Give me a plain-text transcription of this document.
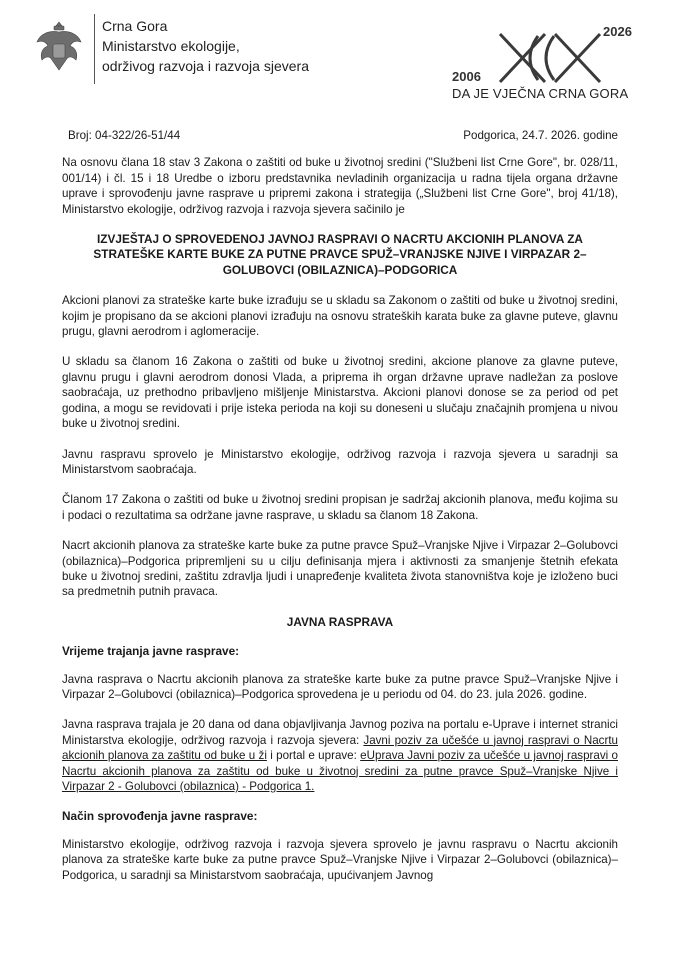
Crna Gora
Ministarstvo ekologije,
održivog razvoja i razvoja sjevera
2026
2006
DA JE VJEČNA CRNA GORA
Broj: 04-322/26-51/44	Podgorica, 24.7. 2026. godine

Na osnovu člana 18 stav 3 Zakona o zaštiti od buke u životnoj sredini ("Službeni list Crne Gore", br. 028/11, 001/14) i čl. 15 i 18 Uredbe o izboru predstavnika nevladinih organizacija u radna tijela organa državne uprave i sprovođenju javne rasprave u pripremi zakona i strategija („Službeni list Crne Gore", broj 41/18), Ministarstvo ekologije, održivog razvoja i razvoja sjevera sačinilo je

IZVJEŠTAJ O SPROVEDENOJ JAVNOJ RASPRAVI O NACRTU AKCIONIH PLANOVA ZA STRATEŠKE KARTE BUKE ZA PUTNE PRAVCE SPUŽ–VRANJSKE NJIVE I VIRPAZAR 2–GOLUBOVCI (OBILAZNICA)–PODGORICA

Akcioni planovi za strateške karte buke izrađuju se u skladu sa Zakonom o zaštiti od buke u životnoj sredini, kojim je propisano da se akcioni planovi izrađuju na osnovu strateških karata buke za glavne puteve, glavnu prugu, glavni aerodrom i aglomeracije.

U skladu sa članom 16 Zakona o zaštiti od buke u životnoj sredini, akcione planove za glavne puteve, glavnu prugu i glavni aerodrom donosi Vlada, a priprema ih organ državne uprave nadležan za poslove saobraćaja, uz prethodno pribavljeno mišljenje Ministarstva. Akcioni planovi donose se za period od pet godina, a mogu se revidovati i prije isteka perioda na koji su doneseni u slučaju značajnih promjena u nivou buke u životnoj sredini.

Javnu raspravu sprovelo je Ministarstvo ekologije, održivog razvoja i razvoja sjevera u saradnji sa Ministarstvom saobraćaja.

Članom 17 Zakona o zaštiti od buke u životnoj sredini propisan je sadržaj akcionih planova, među kojima su i podaci o rezultatima sa održane javne rasprave, u skladu sa članom 18 Zakona.

Nacrt akcionih planova za strateške karte buke za putne pravce Spuž–Vranjske Njive i Virpazar 2–Golubovci (obilaznica)–Podgorica pripremljeni su u cilju definisanja mjera i aktivnosti za smanjenje štetnih efekata buke u životnoj sredini, zaštitu zdravlja ljudi i unapređenje kvaliteta života stanovništva koje je izloženo buci sa predmetnih putnih pravaca.

JAVNA RASPRAVA
Vrijeme trajanja javne rasprave:

Javna rasprava o Nacrtu akcionih planova za strateške karte buke za putne pravce Spuž–Vranjske Njive i Virpazar 2–Golubovci (obilaznica)–Podgorica sprovedena je u periodu od 04. do 23. jula 2026. godine.

Javna rasprava trajala je 20 dana od dana objavljivanja Javnog poziva na portalu e-Uprave i internet stranici Ministarstva ekologije, održivog razvoja i razvoja sjevera: Javni poziv za učešće u javnoj raspravi o Nacrtu akcionih planova za zaštitu od buke u ži i portal e uprave: eUprava Javni poziv za učešće u javnoj raspravi o Nacrtu akcionih planova za zaštitu od buke u životnoj sredini za putne pravce Spuž–Vranjske Njive i Virpazar 2 - Golubovci (obilaznica) - Podgorica 1.

Način sprovođenja javne rasprave:

Ministarstvo ekologije, održivog razvoja i razvoja sjevera sprovelo je javnu raspravu o Nacrtu akcionih planova za strateške karte buke za putne pravce Spuž–Vranjske Njive i Virpazar 2–Golubovci (obilaznica)–Podgorica, u saradnji sa Ministarstvom saobraćaja, upućivanjem Javnog
